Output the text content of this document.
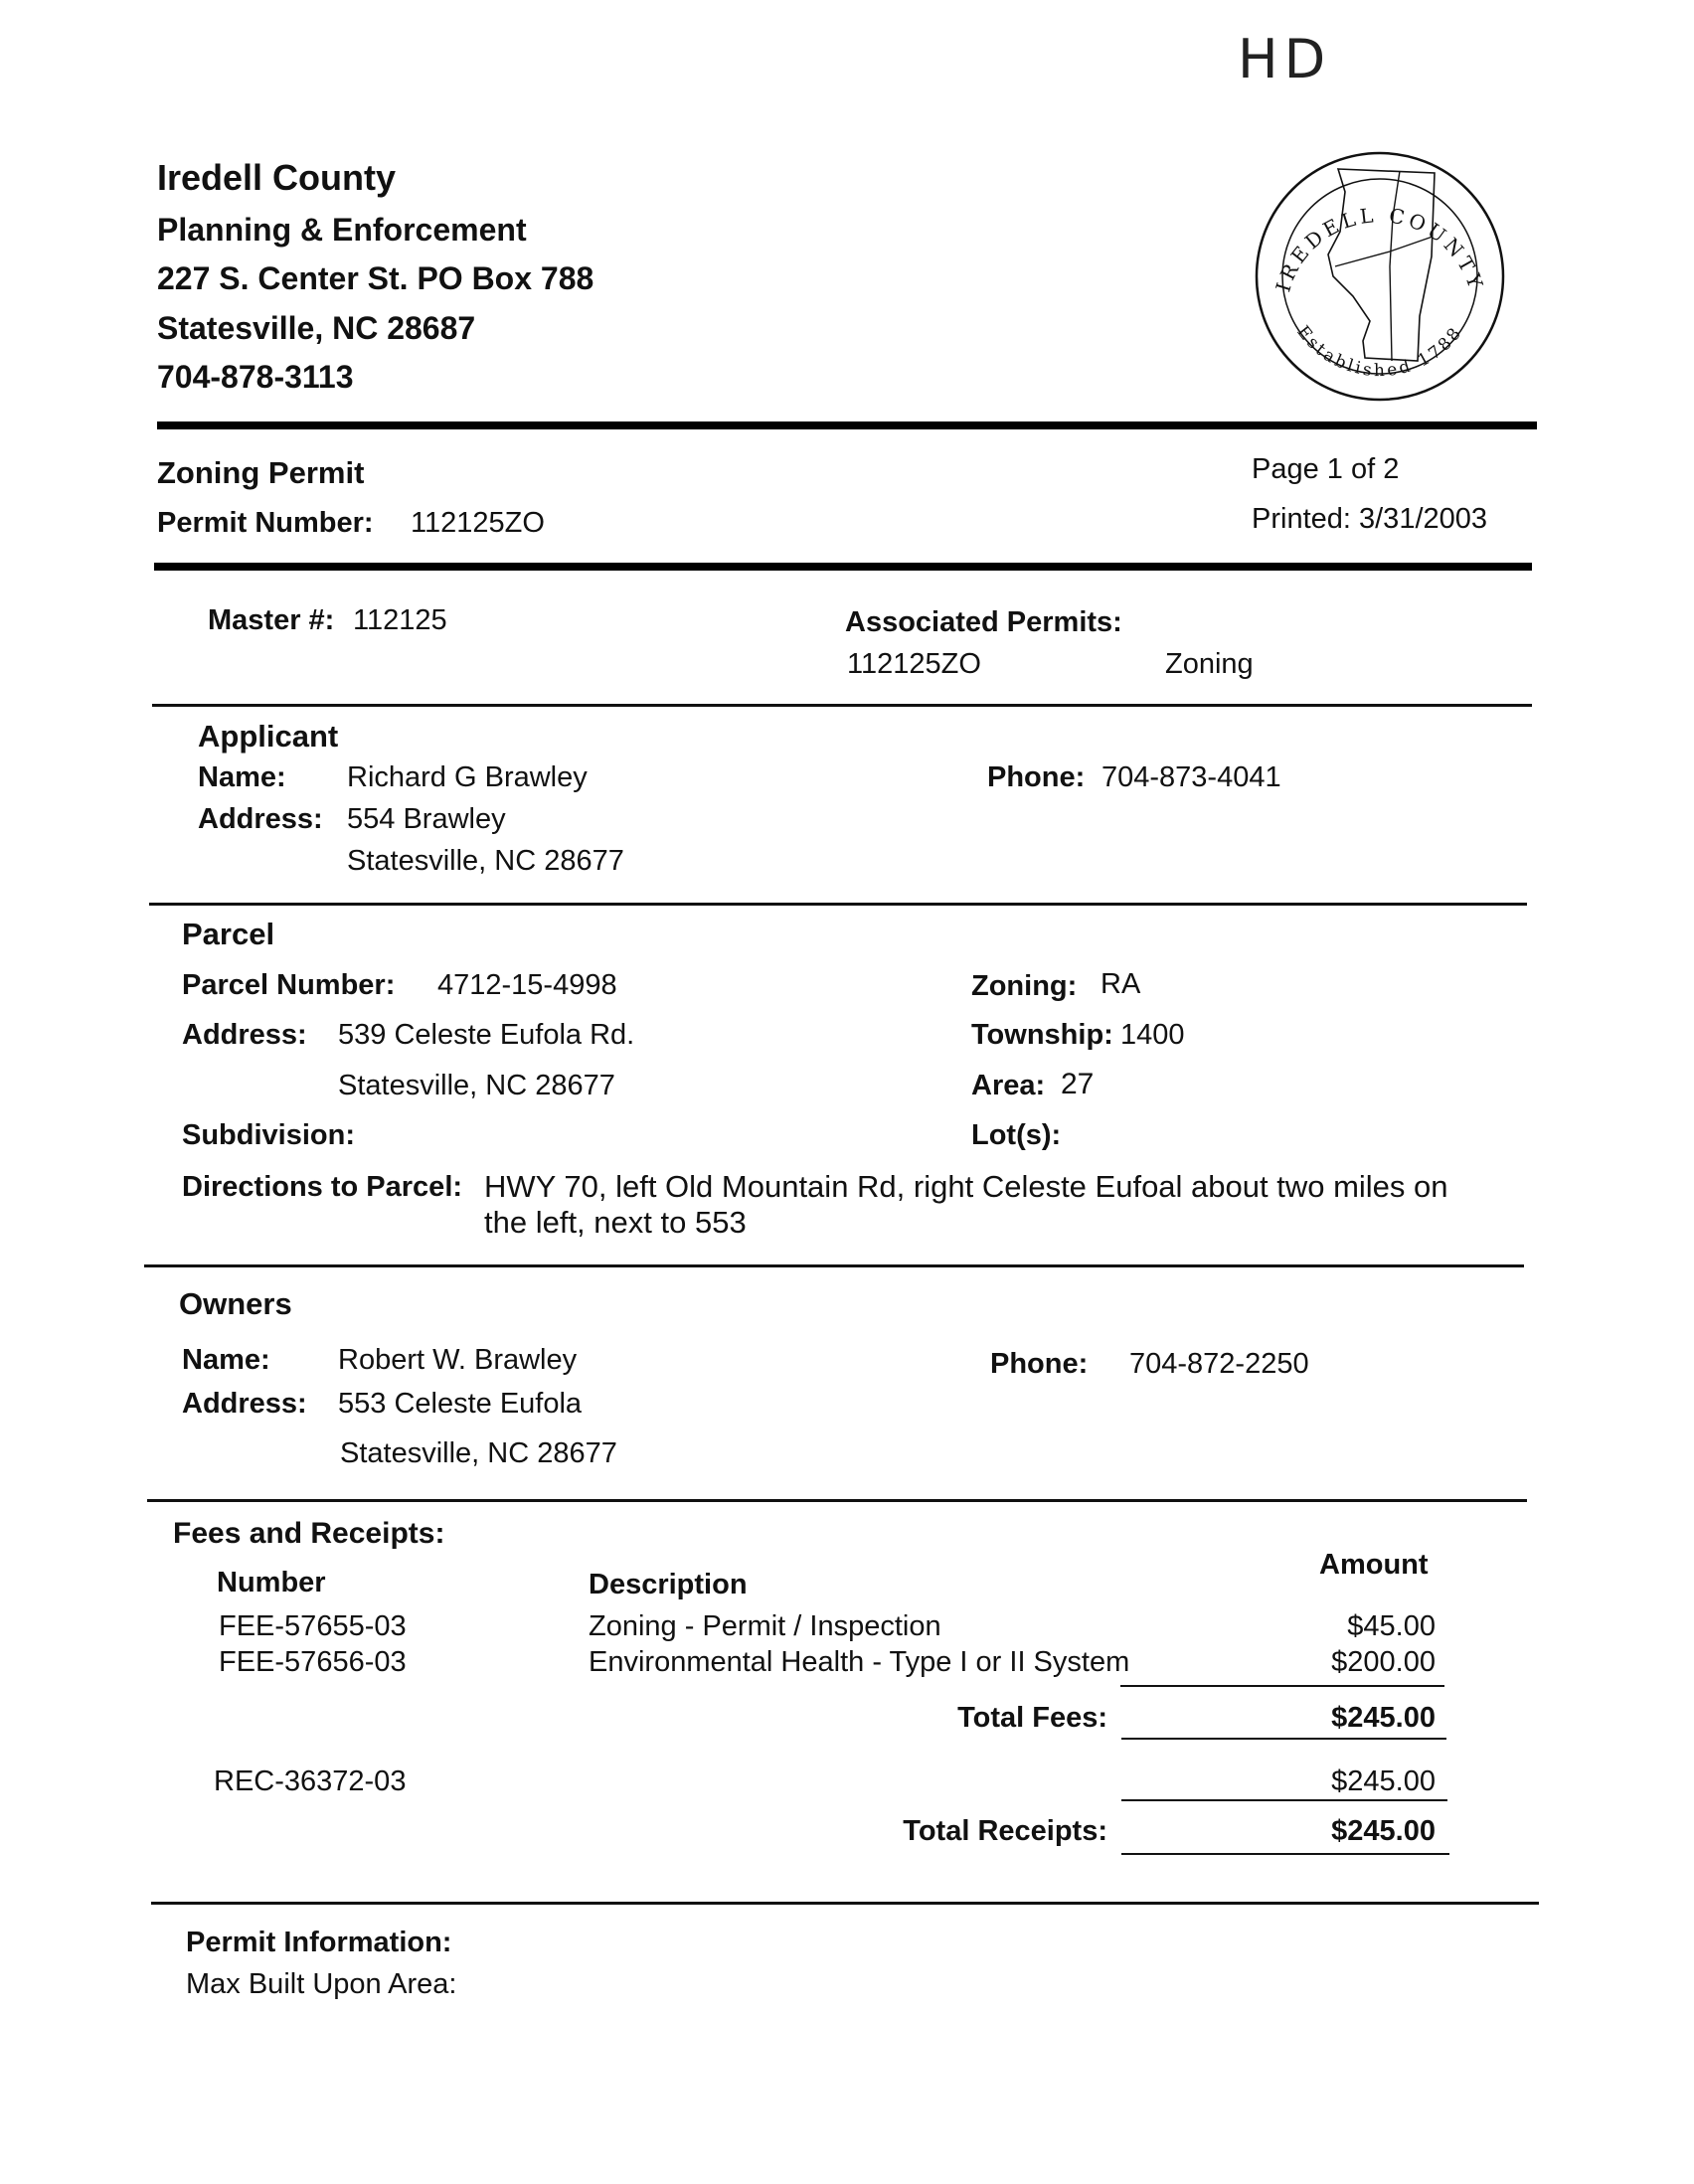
HD
Iredell County
Planning & Enforcement
227 S. Center St. PO Box 788
Statesville, NC 28687
704-878-3113
IREDELL COUNTY
Established 1788
Zoning Permit
Permit Number: 112125ZO
Page 1 of 2
Printed: 3/31/2003
Master #: 112125	Associated Permits:
112125ZO	Zoning
Applicant
Name: Richard G Brawley
Address: 554 Brawley
Statesville, NC 28677
Phone: 704-873-4041
Parcel
Parcel Number: 4712-15-4998
Address: 539 Celeste Eufola Rd.
Statesville, NC 28677
Subdivision:
Zoning: RA
Township: 1400
Area: 27
Lot(s):
Directions to Parcel: HWY 70, left Old Mountain Rd, right Celeste Eufoal about two miles on
the left, next to 553
Owners
Name: Robert W. Brawley
Address: 553 Celeste Eufola
Statesville, NC 28677
Phone: 704-872-2250
Fees and Receipts:
Number	Description
Amount
FEE-57655-03	Zoning - Permit / Inspection	$45.00
FEE-57656-03	Environmental Health - Type I or II System	$200.00
Total Fees:	$245.00
REC-36372-03	$245.00
Total Receipts:	$245.00
Permit Information:
Max Built Upon Area:
